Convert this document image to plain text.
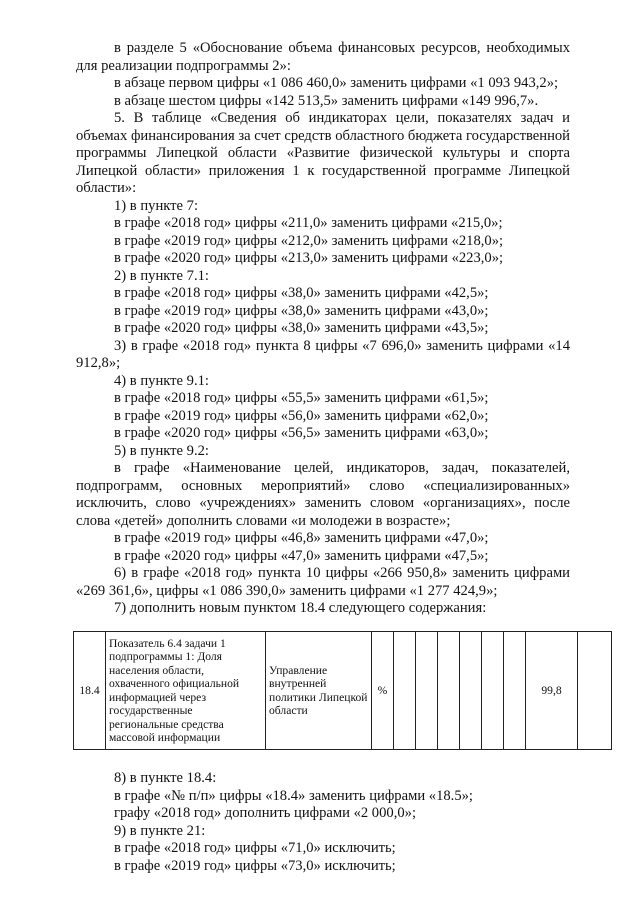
в разделе 5 «Обоснование объема финансовых ресурсов, необходимых для реализации подпрограммы 2»:

в абзаце первом цифры «1 086 460,0» заменить цифрами «1 093 943,2»;

в абзаце шестом цифры «142 513,5» заменить цифрами «149 996,7».

5. В таблице «Сведения об индикаторах цели, показателях задач и объемах финансирования за счет средств областного бюджета государственной программы Липецкой области «Развитие физической культуры и спорта Липецкой области» приложения 1 к государственной программе Липецкой области»:

1) в пункте 7:

в графе «2018 год» цифры «211,0» заменить цифрами «215,0»;

в графе «2019 год» цифры «212,0» заменить цифрами «218,0»;

в графе «2020 год» цифры «213,0» заменить цифрами «223,0»;

2) в пункте 7.1:

в графе «2018 год» цифры «38,0» заменить цифрами «42,5»;

в графе «2019 год» цифры «38,0» заменить цифрами «43,0»;

в графе «2020 год» цифры «38,0» заменить цифрами «43,5»;

3) в графе «2018 год» пункта 8 цифры «7 696,0» заменить цифрами «14 912,8»;

4) в пункте 9.1:

в графе «2018 год» цифры «55,5» заменить цифрами «61,5»;

в графе «2019 год» цифры «56,0» заменить цифрами «62,0»;

в графе «2020 год» цифры «56,5» заменить цифрами «63,0»;

5) в пункте 9.2:

в графе «Наименование целей, индикаторов, задач, показателей, подпрограмм, основных мероприятий» слово «специализированных» исключить, слово «учреждениях» заменить словом «организациях», после слова «детей» дополнить словами «и молодежи в возрасте»;

в графе «2019 год» цифры «46,8» заменить цифрами «47,0»;

в графе «2020 год» цифры «47,0» заменить цифрами «47,5»;

6) в графе «2018 год» пункта 10 цифры «266 950,8» заменить цифрами «269 361,6», цифры «1 086 390,0» заменить цифрами «1 277 424,9»;

7) дополнить новым пунктом 18.4 следующего содержания:

18.4	Показатель 6.4 задачи 1 подпрограммы 1: Доля населения области, охваченного официальной информацией через государственные региональные средства массовой информации	Управление внутренней политики Липецкой области	%							99,8	

8) в пункте 18.4:

в графе «№ п/п» цифры «18.4» заменить цифрами «18.5»;

графу «2018 год» дополнить цифрами «2 000,0»;

9) в пункте 21:

в графе «2018 год» цифры «71,0» исключить;

в графе «2019 год» цифры «73,0» исключить;
